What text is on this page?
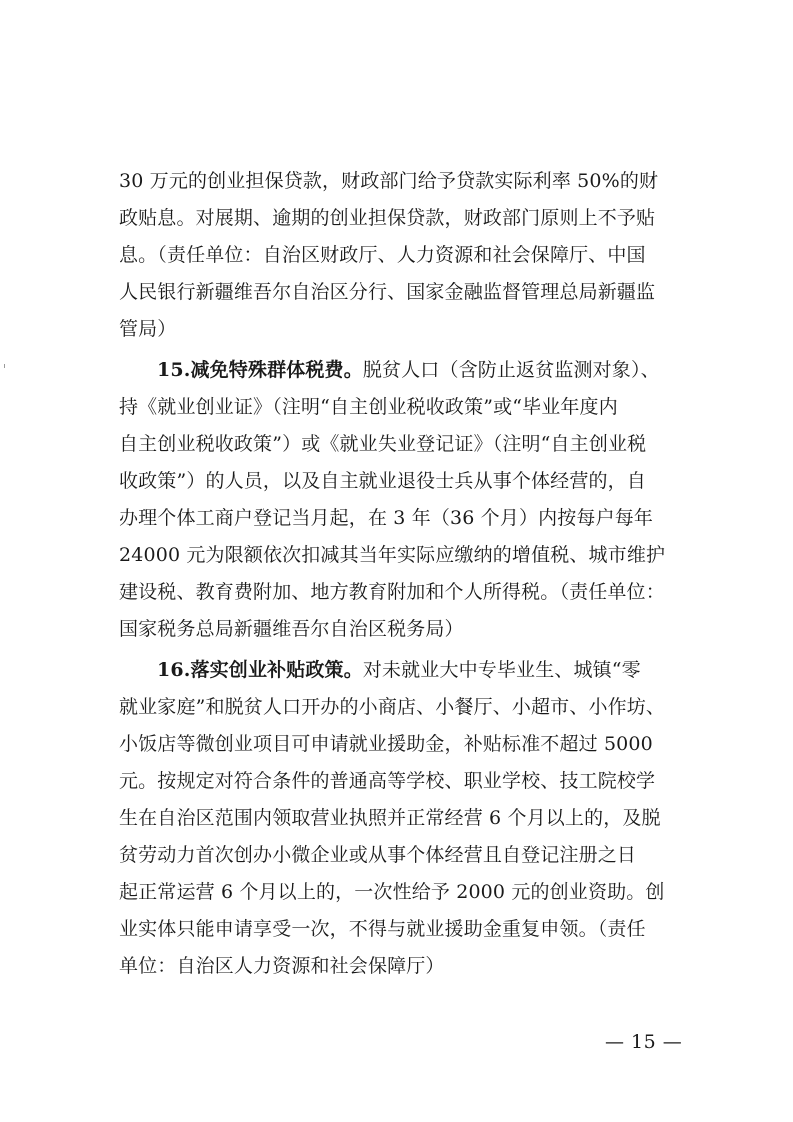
30 万元的创业担保贷款，财政部门给予贷款实际利率 50%的财
政贴息。对展期、逾期的创业担保贷款，财政部门原则上不予贴
息。（责任单位：自治区财政厅、人力资源和社会保障厅、中国
人民银行新疆维吾尔自治区分行、国家金融监督管理总局新疆监
管局）
15.减免特殊群体税费。脱贫人口（含防止返贫监测对象）、
持《就业创业证》（注明“自主创业税收政策”或“毕业年度内
自主创业税收政策”）或《就业失业登记证》（注明“自主创业税
收政策”）的人员，以及自主就业退役士兵从事个体经营的，自
办理个体工商户登记当月起，在 3 年（36 个月）内按每户每年
24000 元为限额依次扣减其当年实际应缴纳的增值税、城市维护
建设税、教育费附加、地方教育附加和个人所得税。（责任单位：
国家税务总局新疆维吾尔自治区税务局）
16.落实创业补贴政策。对未就业大中专毕业生、城镇“零
就业家庭”和脱贫人口开办的小商店、小餐厅、小超市、小作坊、
小饭店等微创业项目可申请就业援助金，补贴标准不超过 5000
元。按规定对符合条件的普通高等学校、职业学校、技工院校学
生在自治区范围内领取营业执照并正常经营 6 个月以上的，及脱
贫劳动力首次创办小微企业或从事个体经营且自登记注册之日
起正常运营 6 个月以上的，一次性给予 2000 元的创业资助。创
业实体只能申请享受一次，不得与就业援助金重复申领。（责任
单位：自治区人力资源和社会保障厅）
— 15 —
